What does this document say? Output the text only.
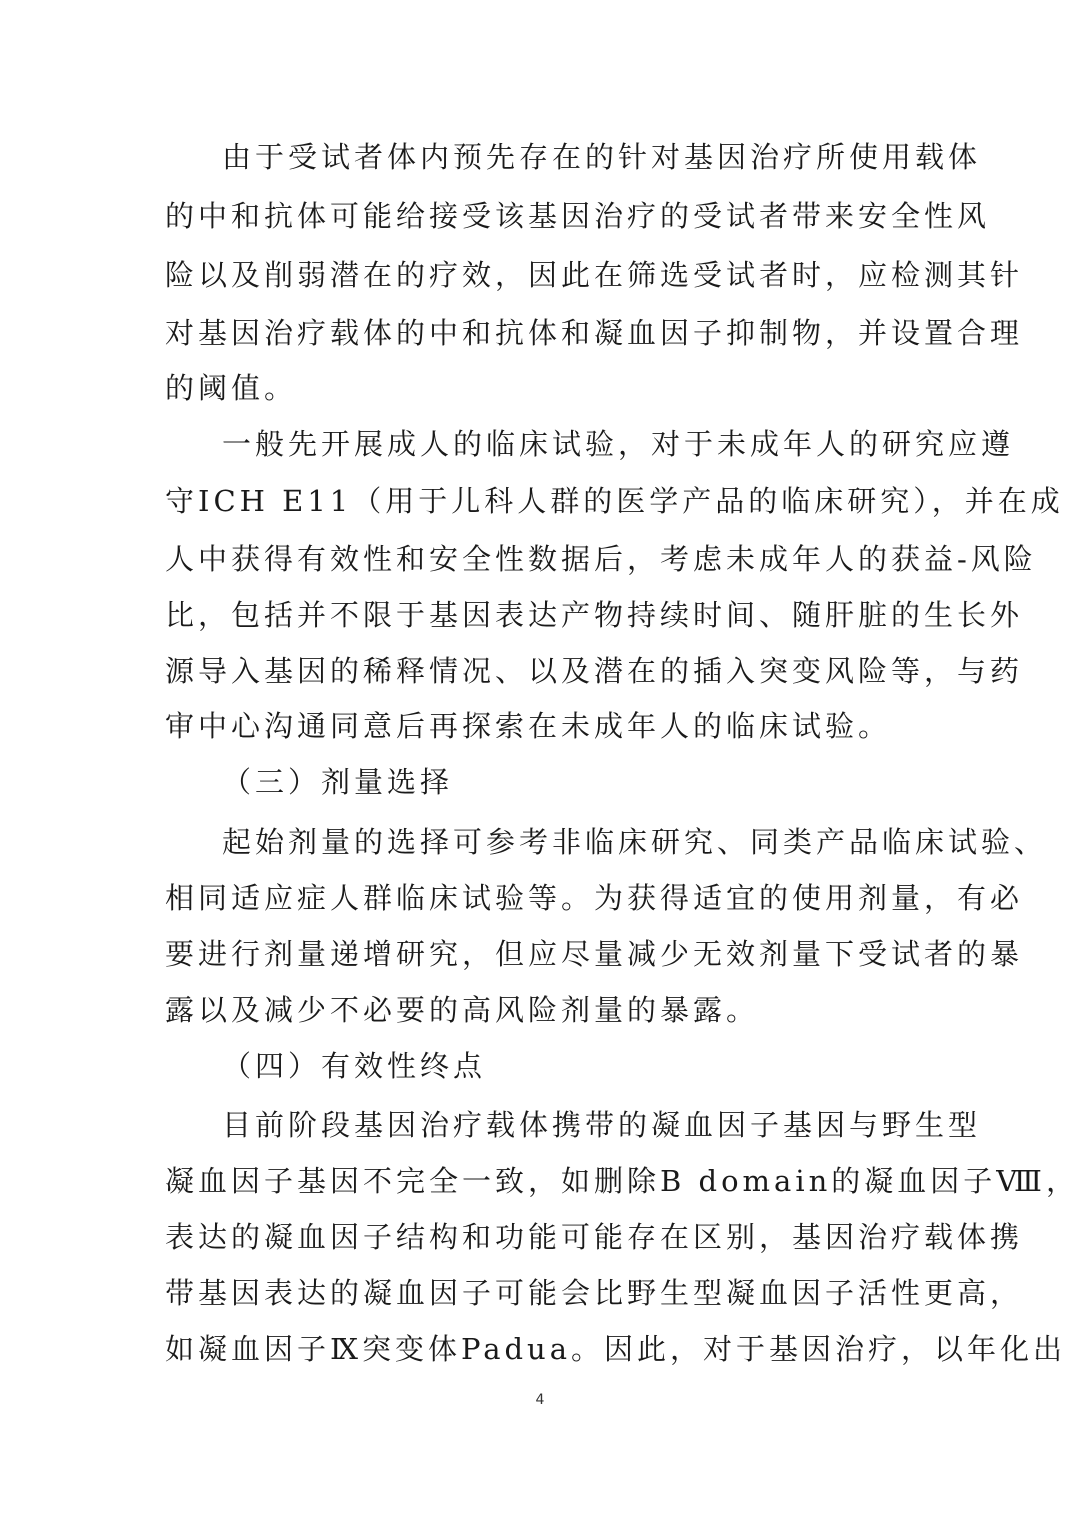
由于受试者体内预先存在的针对基因治疗所使用载体
的中和抗体可能给接受该基因治疗的受试者带来安全性风
险以及削弱潜在的疗效，因此在筛选受试者时，应检测其针
对基因治疗载体的中和抗体和凝血因子抑制物，并设置合理
的阈值。
一般先开展成人的临床试验，对于未成年人的研究应遵
守ICH E11（用于儿科人群的医学产品的临床研究），并在成
人中获得有效性和安全性数据后，考虑未成年人的获益-风险
比，包括并不限于基因表达产物持续时间、随肝脏的生长外
源导入基因的稀释情况、以及潜在的插入突变风险等，与药
审中心沟通同意后再探索在未成年人的临床试验。
（三）剂量选择
起始剂量的选择可参考非临床研究、同类产品临床试验、
相同适应症人群临床试验等。为获得适宜的使用剂量，有必
要进行剂量递增研究，但应尽量减少无效剂量下受试者的暴
露以及减少不必要的高风险剂量的暴露。
（四）有效性终点
目前阶段基因治疗载体携带的凝血因子基因与野生型
凝血因子基因不完全一致，如删除B domain的凝血因子Ⅷ，
表达的凝血因子结构和功能可能存在区别，基因治疗载体携
带基因表达的凝血因子可能会比野生型凝血因子活性更高，
如凝血因子Ⅸ突变体Padua。因此，对于基因治疗，以年化出
4
